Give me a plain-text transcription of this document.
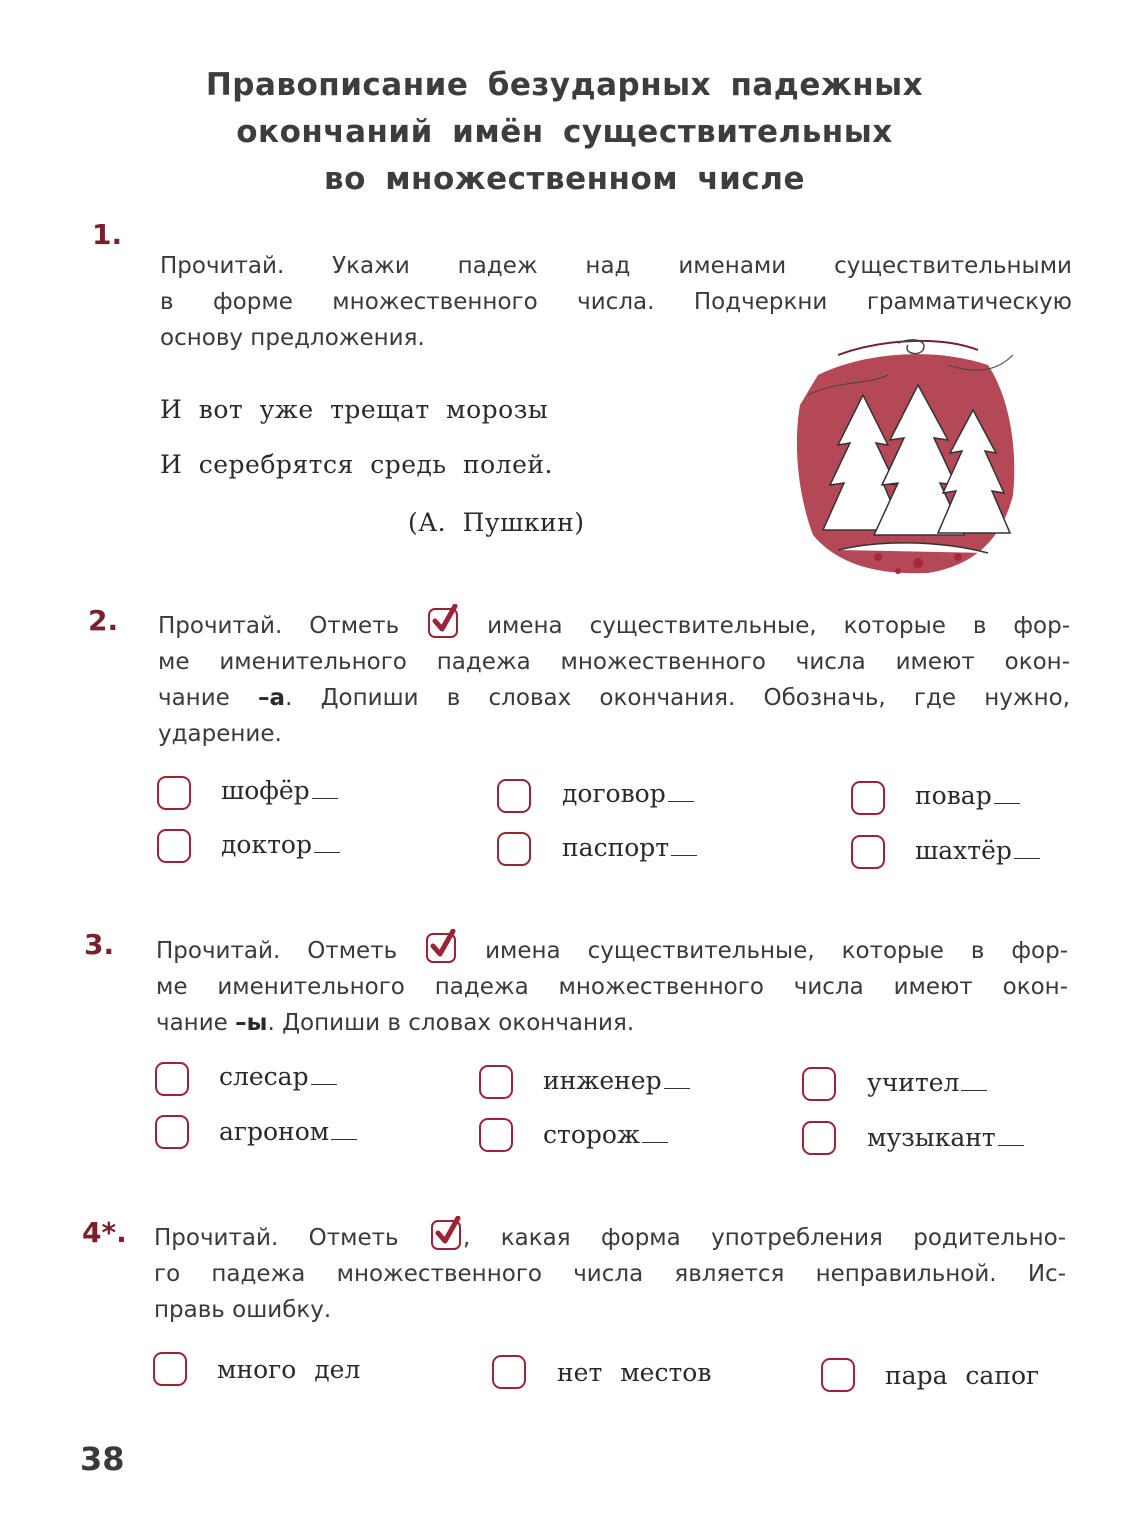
Правописание безударных падежных
окончаний имён существительных
во множественном числе
1.
Прочитай. Укажи падеж над именами существительными
в форме множественного числа. Подчеркни грамматическую
основу предложения.
И вот уже трещат морозы
И серебрятся средь полей.
(А. Пушкин)
2. Прочитай. Отметь	имена существительные, которые в фор-
ме именительного падежа множественного числа имеют окон-
чание –а. Допиши в словах окончания. Обозначь, где нужно,
ударение.
шофёр	договор	повар
доктор	паспорт	шахтёр
3. Прочитай. Отметь	имена существительные, которые в фор-
ме именительного падежа множественного числа имеют окон-
чание –ы. Допиши в словах окончания.
слесар	инженер	учител
агроном	сторож	музыкант
4*. Прочитай. Отметь	, какая форма употребления родительно-
го падежа множественного числа является неправильной. Ис-
правь ошибку.
много дел	нет местов	пара сапог
38
